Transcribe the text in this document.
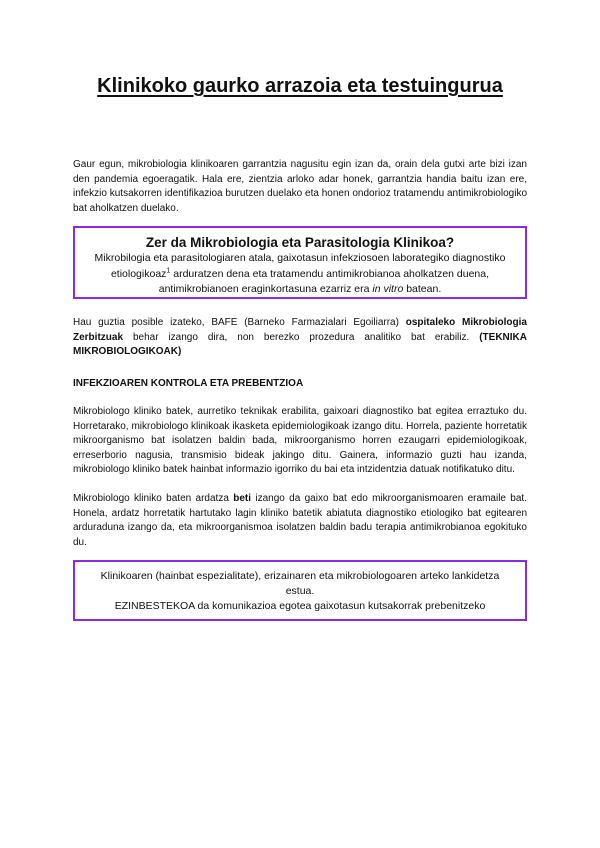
Klinikoko gaurko arrazoia eta testuingurua

Gaur egun, mikrobiologia klinikoaren garrantzia nagusitu egin izan da, orain dela gutxi arte bizi izan den pandemia egoeragatik. Hala ere, zientzia arloko adar honek, garrantzia handia baitu izan ere, infekzio kutsakorren identifikazioa burutzen duelako eta honen ondorioz tratamendu antimikrobiologiko bat aholkatzen duelako.

Zer da Mikrobiologia eta Parasitologia Klinikoa?
Mikrobilogia eta parasitologiaren atala, gaixotasun infekziosoen laborategiko diagnostiko etiologikoaz$^1$ arduratzen dena eta tratamendu antimikrobianoa aholkatzen duena, antimikrobianoen eraginkortasuna ezarriz era in vitro batean.

Hau guztia posible izateko, BAFE (Barneko Farmazialari Egoiliarra) ospitaleko Mikrobiologia Zerbitzuak behar izango dira, non berezko prozedura analitiko bat erabiliz. (TEKNIKA MIKROBIOLOGIKOAK)

INFEKZIOAREN KONTROLA ETA PREBENTZIOA

Mikrobiologo kliniko batek, aurretiko teknikak erabilita, gaixoari diagnostiko bat egitea erraztuko du. Horretarako, mikrobiologo klinikoak ikasketa epidemiologikoak izango ditu. Horrela, paziente horretatik mikroorganismo bat isolatzen baldin bada, mikroorganismo horren ezaugarri epidemiologikoak, erreserborio nagusia, transmisio bideak jakingo ditu. Gainera, informazio guzti hau izanda, mikrobiologo kliniko batek hainbat informazio igorriko du bai eta intzidentzia datuak notifikatuko ditu.

Mikrobiologo kliniko baten ardatza beti izango da gaixo bat edo mikroorganismoaren eramaile bat. Honela, ardatz horretatik hartutako lagin kliniko batetik abiatuta diagnostiko etiologiko bat egitearen arduraduna izango da, eta mikroorganismoa isolatzen baldin badu terapia antimikrobianoa egokituko du.

Klinikoaren (hainbat espezialitate), erizainaren eta mikrobiologoaren arteko lankidetza estua.
EZINBESTEKOA da komunikazioa egotea gaixotasun kutsakorrak prebenitzeko
